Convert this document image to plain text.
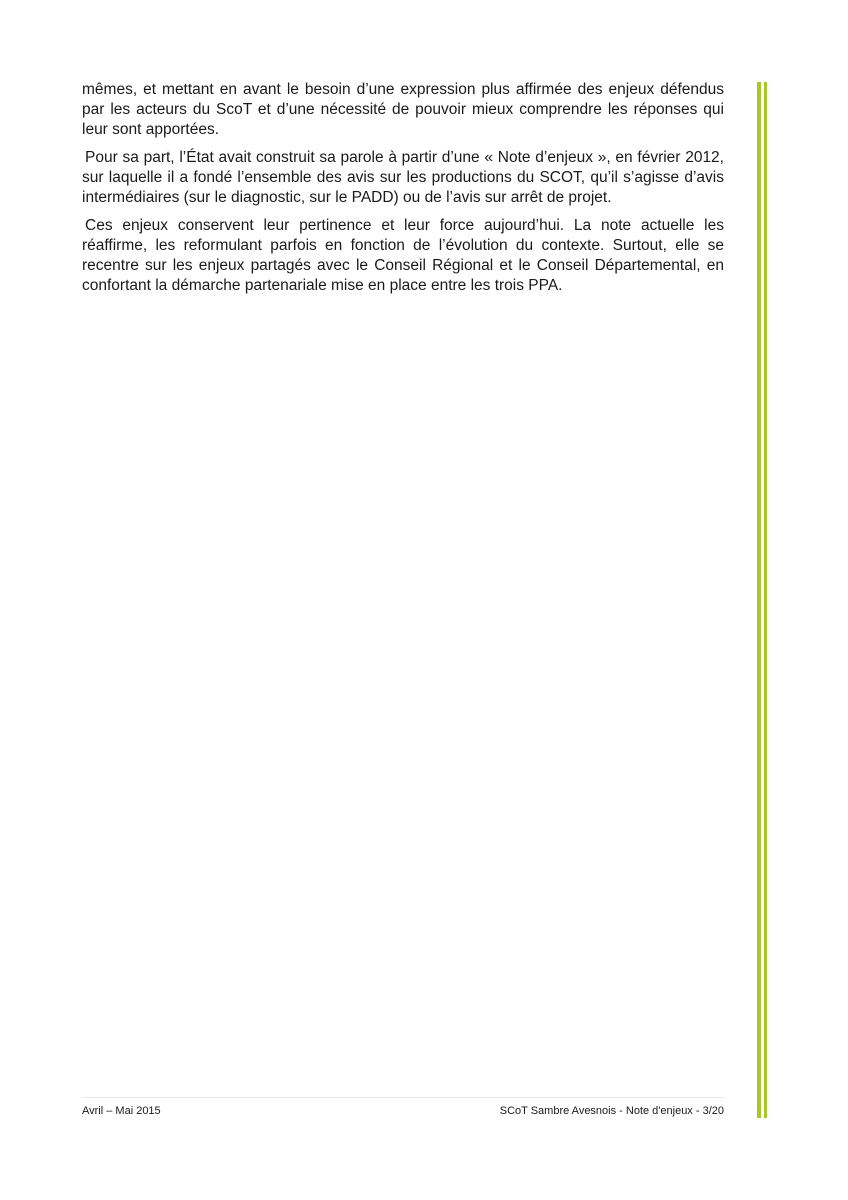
mêmes, et mettant en avant le besoin d’une expression plus affirmée des enjeux défendus par les acteurs du ScoT et d’une nécessité de pouvoir mieux comprendre les réponses qui leur sont apportées.

Pour sa part, l’État avait construit sa parole à partir d’une « Note d’enjeux », en février 2012, sur laquelle il a fondé l’ensemble des avis sur les productions du SCOT, qu’il s’agisse d’avis intermédiaires (sur le diagnostic, sur le PADD) ou de l’avis sur arrêt de projet.

Ces enjeux conservent leur pertinence et leur force aujourd’hui. La note actuelle les réaffirme, les reformulant parfois en fonction de l’évolution du contexte. Surtout, elle se recentre sur les enjeux partagés avec le Conseil Régional et le Conseil Départemental, en confortant la démarche partenariale mise en place entre les trois PPA.

Avril – Mai 2015	SCoT Sambre Avesnois - Note d'enjeux - 3/20
